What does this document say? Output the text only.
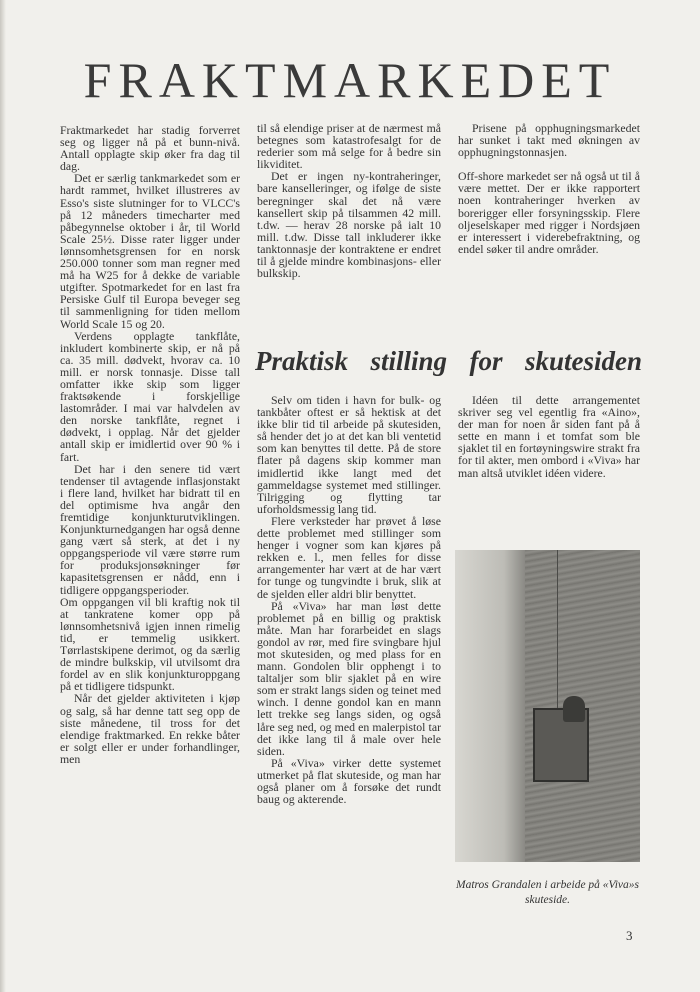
FRAKTMARKEDET

Fraktmarkedet har stadig forverret seg og ligger nå på et bunn-nivå. Antall opplagte skip øker fra dag til dag.

Det er særlig tankmarkedet som er hardt rammet, hvilket illustreres av Esso's siste slutninger for to VLCC's på 12 måneders timecharter med påbegynnelse oktober i år, til World Scale 25½. Disse rater ligger under lønnsomhetsgrensen for en norsk 250.000 tonner som man regner med må ha W25 for å dekke de variable utgifter. Spotmarkedet for en last fra Persiske Gulf til Europa beveger seg til sammenligning for tiden mellom World Scale 15 og 20.

Verdens opplagte tankflåte, inkludert kombinerte skip, er nå på ca. 35 mill. dødvekt, hvorav ca. 10 mill. er norsk tonnasje. Disse tall omfatter ikke skip som ligger fraktsøkende i forskjellige lastområder. I mai var halvdelen av den norske tankflåte, regnet i dødvekt, i opplag. Når det gjelder antall skip er imidlertid over 90 % i fart.

Det har i den senere tid vært tendenser til avtagende inflasjonstakt i flere land, hvilket har bidratt til en del optimisme hva angår den fremtidige konjunkturutviklingen. Konjunkturnedgangen har også denne gang vært så sterk, at det i ny oppgangsperiode vil være større rum for produksjonsøkninger før kapasitetsgrensen er nådd, enn i tidligere oppgangsperioder.

Om oppgangen vil bli kraftig nok til at tankratene komer opp på lønnsomhetsnivå igjen innen rimelig tid, er temmelig usikkert. Tørrlastskipene derimot, og da særlig de mindre bulkskip, vil utvilsomt dra fordel av en slik konjunkturoppgang på et tidligere tidspunkt.

Når det gjelder aktiviteten i kjøp og salg, så har denne tatt seg opp de siste månedene, til tross for det elendige fraktmarked. En rekke båter er solgt eller er under forhandlinger, men

til så elendige priser at de nærmest må betegnes som katastrofesalgt for de rederier som må selge for å bedre sin likviditet.

Det er ingen ny-kontraheringer, bare kanselleringer, og ifølge de siste beregninger skal det nå være kansellert skip på tilsammen 42 mill. t.dw. — herav 28 norske på ialt 10 mill. t.dw. Disse tall inkluderer ikke tanktonnasje der kontraktene er endret til å gjelde mindre kombinasjons- eller bulkskip.

Prisene på opphugningsmarkedet har sunket i takt med økningen av opphugningstonnasjen.

Off-shore markedet ser nå også ut til å være mettet. Der er ikke rapportert noen kontraheringer hverken av borerigger eller forsyningsskip. Flere oljeselskaper med rigger i Nordsjøen er interessert i viderebefraktning, og endel søker til andre områder.

Praktisk stilling for skutesiden

Selv om tiden i havn for bulk- og tankbåter oftest er så hektisk at det ikke blir tid til arbeide på skutesiden, så hender det jo at det kan bli ventetid som kan benyttes til dette. På de store flater på dagens skip kommer man imidlertid ikke langt med det gammeldagse systemet med stillinger. Tilrigging og flytting tar uforholdsmessig lang tid.

Flere verksteder har prøvet å løse dette problemet med stillinger som henger i vogner som kan kjøres på rekken e. l., men felles for disse arrangementer har vært at de har vært for tunge og tungvindte i bruk, slik at de sjelden eller aldri blir benyttet.

På «Viva» har man løst dette problemet på en billig og praktisk måte. Man har forarbeidet en slags gondol av rør, med fire svingbare hjul mot skutesiden, og med plass for en mann. Gondolen blir opphengt i to taltaljer som blir sjaklet på en wire som er strakt langs siden og teinet med winch. I denne gondol kan en mann lett trekke seg langs siden, og også låre seg ned, og med en malerpistol tar det ikke lang til å male over hele siden.

På «Viva» virker dette systemet utmerket på flat skuteside, og man har også planer om å forsøke det rundt baug og akterende.

Idéen til dette arrangementet skriver seg vel egentlig fra «Aino», der man for noen år siden fant på å sette en mann i et tomfat som ble sjaklet til en fortøyningswire strakt fra for til akter, men ombord i «Viva» har man altså utviklet idéen videre.

Matros Grandalen i arbeide på «Viva»s skuteside.

3
